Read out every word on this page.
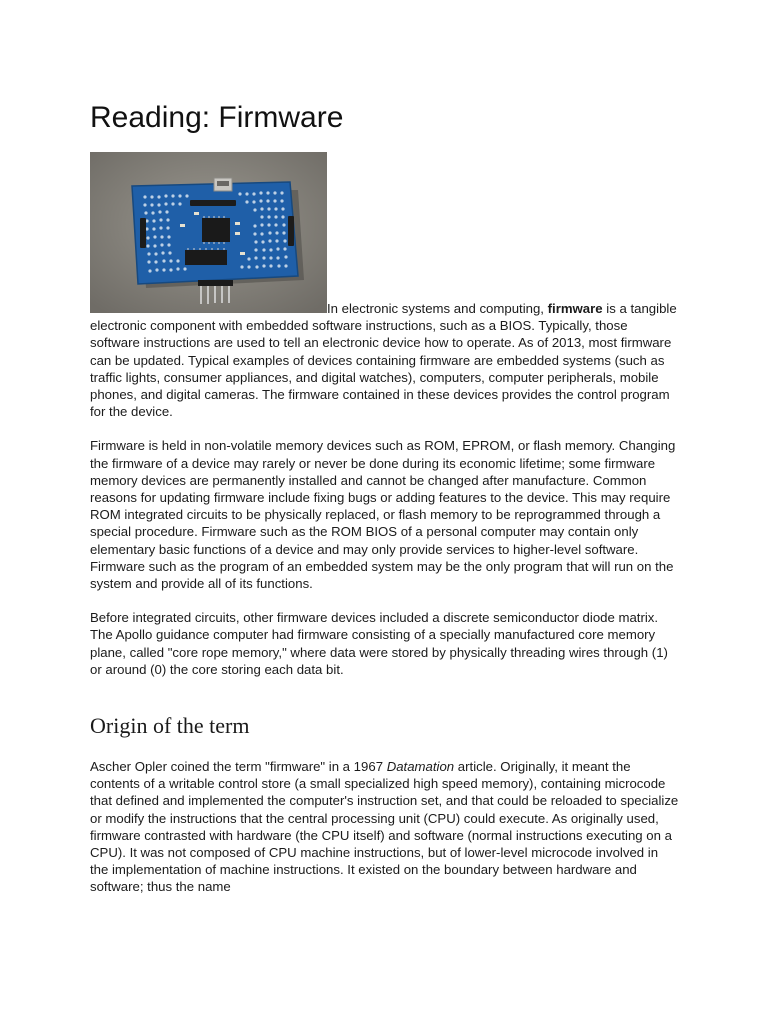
Reading: Firmware

In electronic systems and computing, firmware is a tangible electronic component with embedded software instructions, such as a BIOS. Typically, those software instructions are used to tell an electronic device how to operate. As of 2013, most firmware can be updated. Typical examples of devices containing firmware are embedded systems (such as traffic lights, consumer appliances, and digital watches), computers, computer peripherals, mobile phones, and digital cameras. The firmware contained in these devices provides the control program for the device.

Firmware is held in non-volatile memory devices such as ROM, EPROM, or flash memory. Changing the firmware of a device may rarely or never be done during its economic lifetime; some firmware memory devices are permanently installed and cannot be changed after manufacture. Common reasons for updating firmware include fixing bugs or adding features to the device. This may require ROM integrated circuits to be physically replaced, or flash memory to be reprogrammed through a special procedure. Firmware such as the ROM BIOS of a personal computer may contain only elementary basic functions of a device and may only provide services to higher-level software. Firmware such as the program of an embedded system may be the only program that will run on the system and provide all of its functions.

Before integrated circuits, other firmware devices included a discrete semiconductor diode matrix. The Apollo guidance computer had firmware consisting of a specially manufactured core memory plane, called "core rope memory," where data were stored by physically threading wires through (1) or around (0) the core storing each data bit.

Origin of the term

Ascher Opler coined the term "firmware" in a 1967 Datamation article. Originally, it meant the contents of a writable control store (a small specialized high speed memory), containing microcode that defined and implemented the computer's instruction set, and that could be reloaded to specialize or modify the instructions that the central processing unit (CPU) could execute. As originally used, firmware contrasted with hardware (the CPU itself) and software (normal instructions executing on a CPU). It was not composed of CPU machine instructions, but of lower-level microcode involved in the implementation of machine instructions. It existed on the boundary between hardware and software; thus the name
